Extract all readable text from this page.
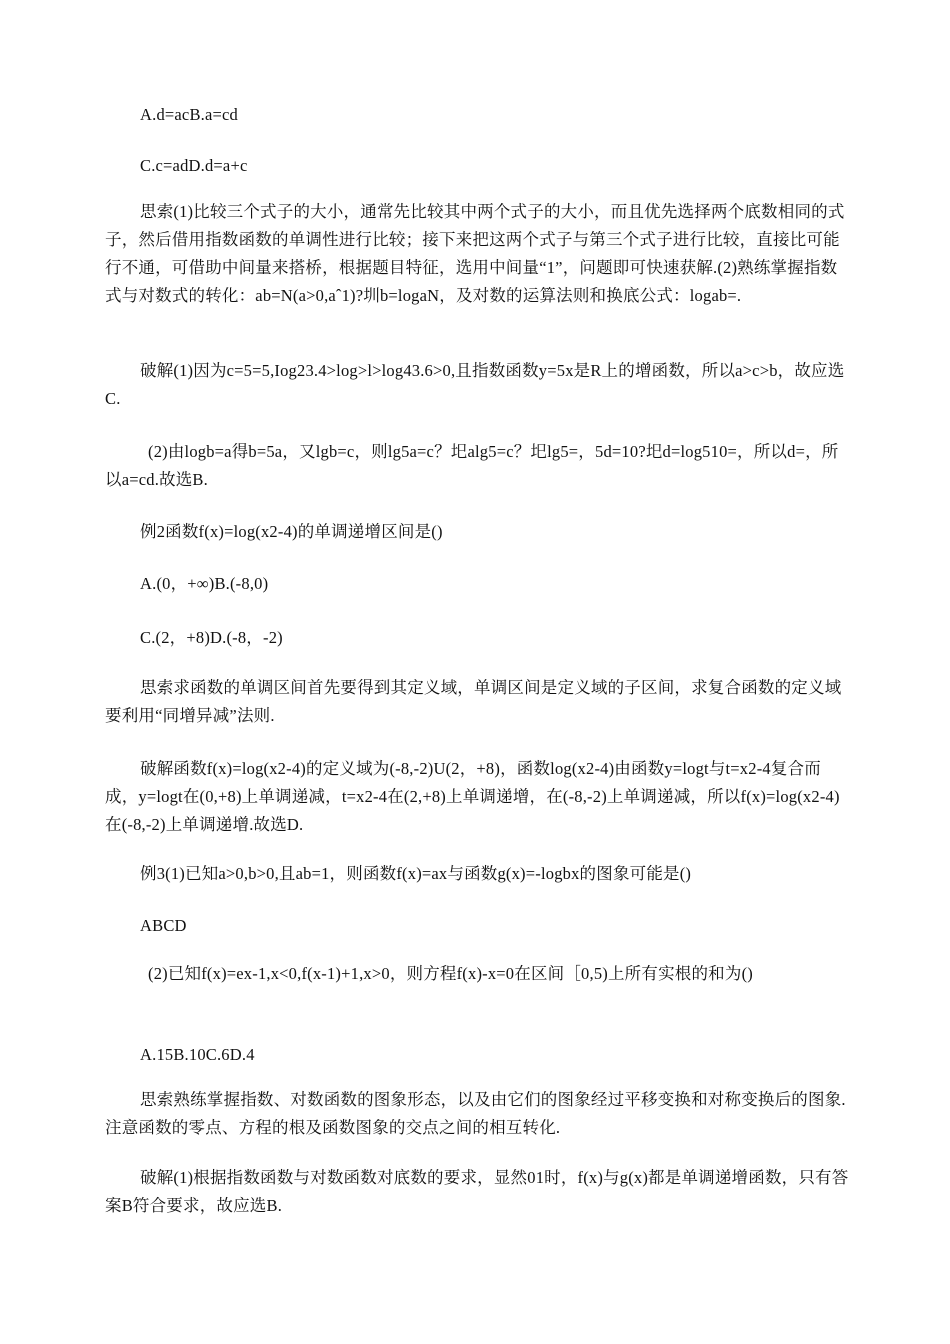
A.d=acB.a=cd

C.c=adD.d=a+c

思索(1)比较三个式子的大小，通常先比较其中两个式子的大小，而且优先选择两个底数相同的式子，然后借用指数函数的单调性进行比较；接下来把这两个式子与第三个式子进行比较，直接比可能行不通，可借助中间量来搭桥，根据题目特征，选用中间量“1”，问题即可快速获解.(2)熟练掌握指数式与对数式的转化：ab=N(a>0,aˆ1)?圳b=logaN，及对数的运算法则和换底公式：logab=.

破解(1)因为c=5=5,Iog23.4>log>l>log43.6>0,且指数函数y=5x是R上的增函数，所以a>c>b，故应选C.

(2)由logb=a得b=5a，又lgb=c，则lg5a=c？圯alg5=c？圯lg5=，5d=10?圯d=log510=，所以d=，所以a=cd.故选B.

例2函数f(x)=log(x2-4)的单调递增区间是()

A.(0，+∞)B.(-8,0)

C.(2，+8)D.(-8，-2)

思索求函数的单调区间首先要得到其定义域，单调区间是定义域的子区间，求复合函数的定义域要利用“同增异减”法则.

破解函数f(x)=log(x2-4)的定义域为(-8,-2)U(2，+8)，函数log(x2-4)由函数y=logt与t=x2-4复合而成，y=logt在(0,+8)上单调递减，t=x2-4在(2,+8)上单调递增，在(-8,-2)上单调递减，所以f(x)=log(x2-4)在(-8,-2)上单调递增.故选D.

例3(1)已知a>0,b>0,且ab=1，则函数f(x)=ax与函数g(x)=-logbx的图象可能是()

ABCD

(2)已知f(x)=ex-1,x<0,f(x-1)+1,x>0，则方程f(x)-x=0在区间［0,5)上所有实根的和为()

A.15B.10C.6D.4

思索熟练掌握指数、对数函数的图象形态，以及由它们的图象经过平移变换和对称变换后的图象.注意函数的零点、方程的根及函数图象的交点之间的相互转化.

破解(1)根据指数函数与对数函数对底数的要求，显然01时，f(x)与g(x)都是单调递增函数，只有答案B符合要求，故应选B.
